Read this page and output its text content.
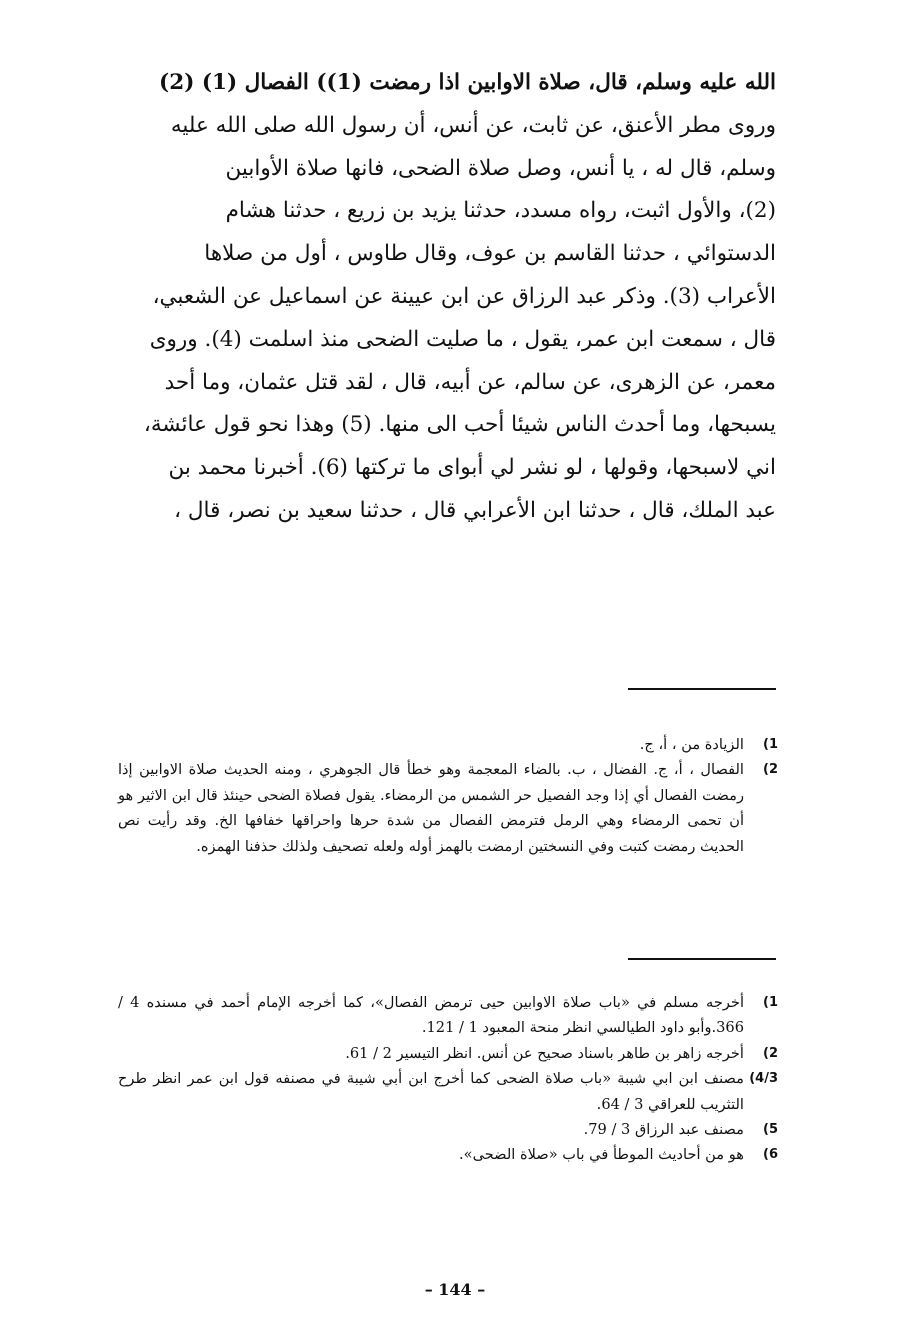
الله عليه وسلم، قال، صلاة الاوابين اذا رمضت (1)) الفصال (1) (2)
وروى مطر الأعنق، عن ثابت، عن أنس، أن رسول الله صلى الله عليه
وسلم، قال له ، يا أنس، وصل صلاة الضحى، فانها صلاة الأوابين
(2)، والأول اثبت، رواه مسدد، حدثنا يزيد بن زريع ، حدثنا هشام
الدستوائي ، حدثنا القاسم بن عوف، وقال طاوس ، أول من صلاها
الأعراب (3). وذكر عبد الرزاق عن ابن عيينة عن اسماعيل عن الشعبي،
قال ، سمعت ابن عمر، يقول ، ما صليت الضحى منذ اسلمت (4). وروى
معمر، عن الزهرى، عن سالم، عن أبيه، قال ، لقد قتل عثمان، وما أحد
يسبحها، وما أحدث الناس شيئا أحب الى منها. (5) وهذا نحو قول عائشة،
اني لاسبحها، وقولها ، لو نشر لي أبواى ما تركتها (6). أخبرنا محمد بن
عبد الملك، قال ، حدثنا ابن الأعرابي قال ، حدثنا سعيد بن نصر، قال ،

1)
الزيادة من ، أ، ج.
2)
الفصال ، أ، ج. الفضال ، ب. بالضاء المعجمة وهو خطأ قال الجوهري ، ومنه الحديث صلاة الاوابين إذا رمضت الفصال أي إذا وجد الفصيل حر الشمس من الرمضاء. يقول فصلاة الضحى حينئذ قال ابن الاثير هو أن تحمى الرمضاء وهي الرمل فترمض الفصال من شدة حرها واحراقها خفافها الخ. وقد رأيت نص الحديث رمضت كتبت وفي النسختين ارمضت بالهمز أوله ولعله تصحيف ولذلك حذفنا الهمزه.
1)
أخرجه مسلم في «باب صلاة الاوابين حيى ترمض الفصال»، كما أخرجه الإمام أحمد في مسنده 4 / 366.وأبو داود الطيالسي انظر منحة المعبود 1 / 121.
2)
أخرجه زاهر بن طاهر باسناد صحيح عن أنس. انظر التيسير 2 / 61.
4/3)
مصنف ابن ابي شيبة «باب صلاة الضحى كما أخرج ابن أبي شيبة في مصنفه قول ابن عمر انظر طرح التثريب للعراقي 3 / 64.
5)
مصنف عبد الرزاق 3 / 79.
6)
هو من أحاديث الموطأ في باب «صلاة الضحى».
– 144 –
